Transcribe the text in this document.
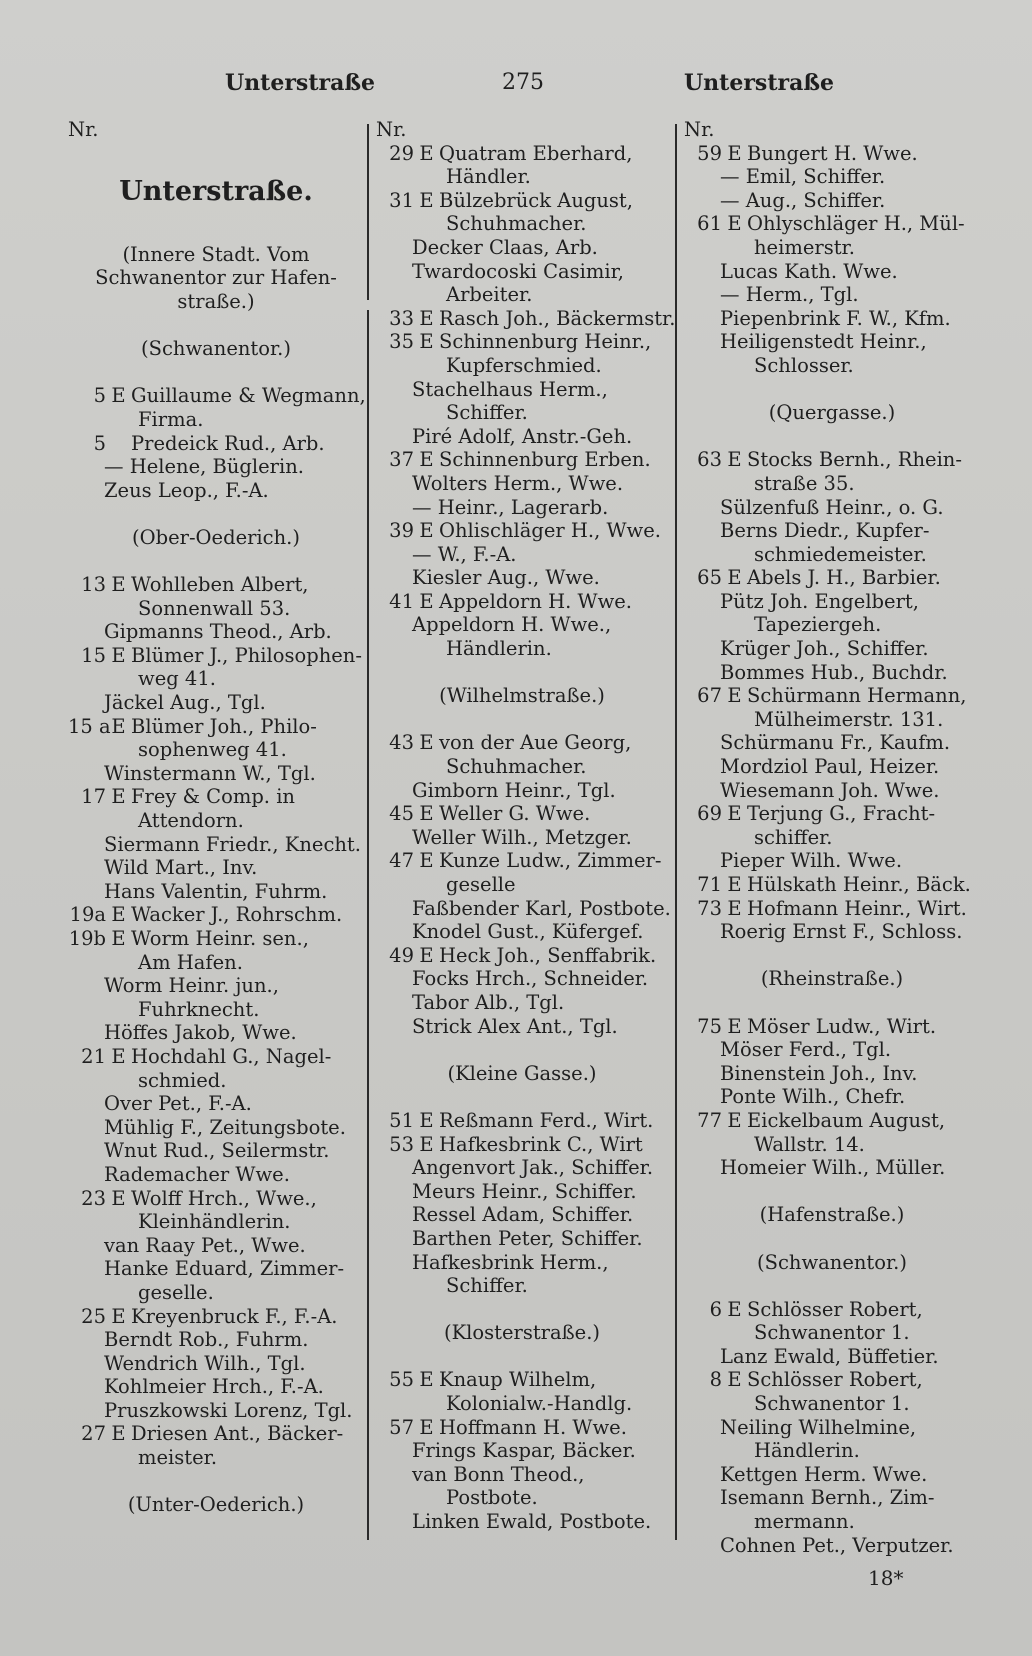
Unterstraße	275	Unterstraße
Nr.
Unterstraße.
(Innere Stadt. Vom
Schwanentor zur Hafen-
straße.)
(Schwanentor.)
5 E Guillaume & Wegmann,
Firma.
5 Predeick Rud., Arb.
— Helene, Büglerin.
Zeus Leop., F.-A.
(Ober-Oederich.)
13 E Wohlleben Albert,
Sonnenwall 53.
Gipmanns Theod., Arb.
15 E Blümer J., Philosophen-
weg 41.
Jäckel Aug., Tgl.
15 a E Blümer Joh., Philo-
sophenweg 41.
Winstermann W., Tgl.
17 E Frey & Comp. in
Attendorn.
Siermann Friedr., Knecht.
Wild Mart., Inv.
Hans Valentin, Fuhrm.
19a E Wacker J., Rohrschm.
19b E Worm Heinr. sen.,
Am Hafen.
Worm Heinr. jun.,
Fuhrknecht.
Höffes Jakob, Wwe.
21 E Hochdahl G., Nagel-
schmied.
Over Pet., F.-A.
Mühlig F., Zeitungsbote.
Wnut Rud., Seilermstr.
Rademacher Wwe.
23 E Wolff Hrch., Wwe.,
Kleinhändlerin.
van Raay Pet., Wwe.
Hanke Eduard, Zimmer-
geselle.
25 E Kreyenbruck F., F.-A.
Berndt Rob., Fuhrm.
Wendrich Wilh., Tgl.
Kohlmeier Hrch., F.-A.
Pruszkowski Lorenz, Tgl.
27 E Driesen Ant., Bäcker-
meister.
(Unter-Oederich.)
Nr.
29 E Quatram Eberhard,
Händler.
31 E Bülzebrück August,
Schuhmacher.
Decker Claas, Arb.
Twardocoski Casimir,
Arbeiter.
33 E Rasch Joh., Bäckermstr.
35 E Schinnenburg Heinr.,
Kupferschmied.
Stachelhaus Herm.,
Schiffer.
Piré Adolf, Anstr.-Geh.
37 E Schinnenburg Erben.
Wolters Herm., Wwe.
— Heinr., Lagerarb.
39 E Ohlischläger H., Wwe.
— W., F.-A.
Kiesler Aug., Wwe.
41 E Appeldorn H. Wwe.
Appeldorn H. Wwe.,
Händlerin.
(Wilhelmstraße.)
43 E von der Aue Georg,
Schuhmacher.
Gimborn Heinr., Tgl.
45 E Weller G. Wwe.
Weller Wilh., Metzger.
47 E Kunze Ludw., Zimmer-
geselle
Faßbender Karl, Postbote.
Knodel Gust., Küfergef.
49 E Heck Joh., Senffabrik.
Focks Hrch., Schneider.
Tabor Alb., Tgl.
Strick Alex Ant., Tgl.
(Kleine Gasse.)
51 E Reßmann Ferd., Wirt.
53 E Hafkesbrink C., Wirt
Angenvort Jak., Schiffer.
Meurs Heinr., Schiffer.
Ressel Adam, Schiffer.
Barthen Peter, Schiffer.
Hafkesbrink Herm.,
Schiffer.
(Klosterstraße.)
55 E Knaup Wilhelm,
Kolonialw.-Handlg.
57 E Hoffmann H. Wwe.
Frings Kaspar, Bäcker.
van Bonn Theod.,
Postbote.
Linken Ewald, Postbote.
Nr.
59 E Bungert H. Wwe.
— Emil, Schiffer.
— Aug., Schiffer.
61 E Ohlyschläger H., Mül-
heimerstr.
Lucas Kath. Wwe.
— Herm., Tgl.
Piepenbrink F. W., Kfm.
Heiligenstedt Heinr.,
Schlosser.
(Quergasse.)
63 E Stocks Bernh., Rhein-
straße 35.
Sülzenfuß Heinr., o. G.
Berns Diedr., Kupfer-
schmiedemeister.
65 E Abels J. H., Barbier.
Pütz Joh. Engelbert,
Tapeziergeh.
Krüger Joh., Schiffer.
Bommes Hub., Buchdr.
67 E Schürmann Hermann,
Mülheimerstr. 131.
Schürmanu Fr., Kaufm.
Mordziol Paul, Heizer.
Wiesemann Joh. Wwe.
69 E Terjung G., Fracht-
schiffer.
Pieper Wilh. Wwe.
71 E Hülskath Heinr., Bäck.
73 E Hofmann Heinr., Wirt.
Roerig Ernst F., Schloss.
(Rheinstraße.)
75 E Möser Ludw., Wirt.
Möser Ferd., Tgl.
Binenstein Joh., Inv.
Ponte Wilh., Chefr.
77 E Eickelbaum August,
Wallstr. 14.
Homeier Wilh., Müller.
(Hafenstraße.)
(Schwanentor.)
6 E Schlösser Robert,
Schwanentor 1.
Lanz Ewald, Büffetier.
8 E Schlösser Robert,
Schwanentor 1.
Neiling Wilhelmine,
Händlerin.
Kettgen Herm. Wwe.
Isemann Bernh., Zim-
mermann.
Cohnen Pet., Verputzer.
18*
